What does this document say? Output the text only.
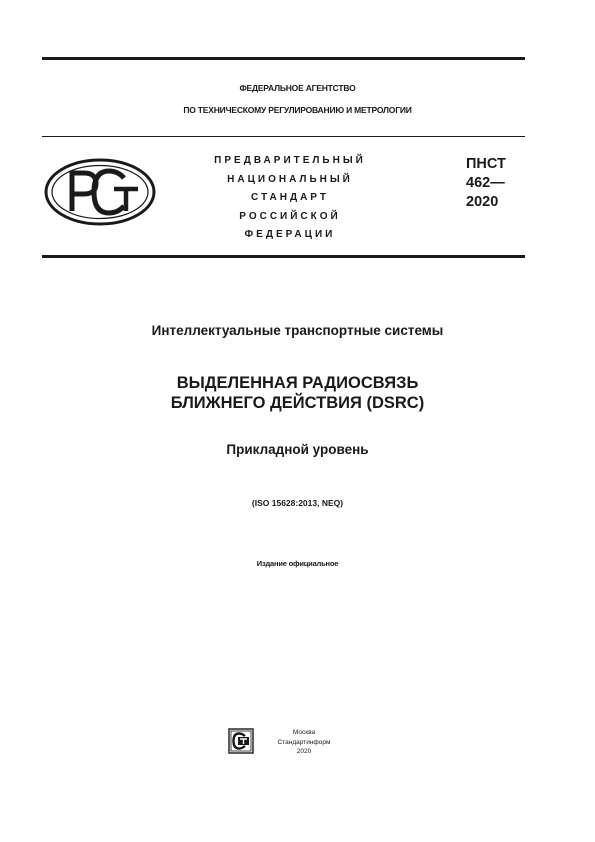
ФЕДЕРАЛЬНОЕ АГЕНТСТВО
ПО ТЕХНИЧЕСКОМУ РЕГУЛИРОВАНИЮ И МЕТРОЛОГИИ
ПРЕДВАРИТЕЛЬНЫЙ
НАЦИОНАЛЬНЫЙ
СТАНДАРТ
РОССИЙСКОЙ
ФЕДЕРАЦИИ
ПНСТ
462—
2020
Интеллектуальные транспортные системы
ВЫДЕЛЕННАЯ РАДИОСВЯЗЬ
БЛИЖНЕГО ДЕЙСТВИЯ (DSRC)
Прикладной уровень
(ISO 15628:2013, NEQ)
Издание официальное
Москва
Стандартинформ
2020
